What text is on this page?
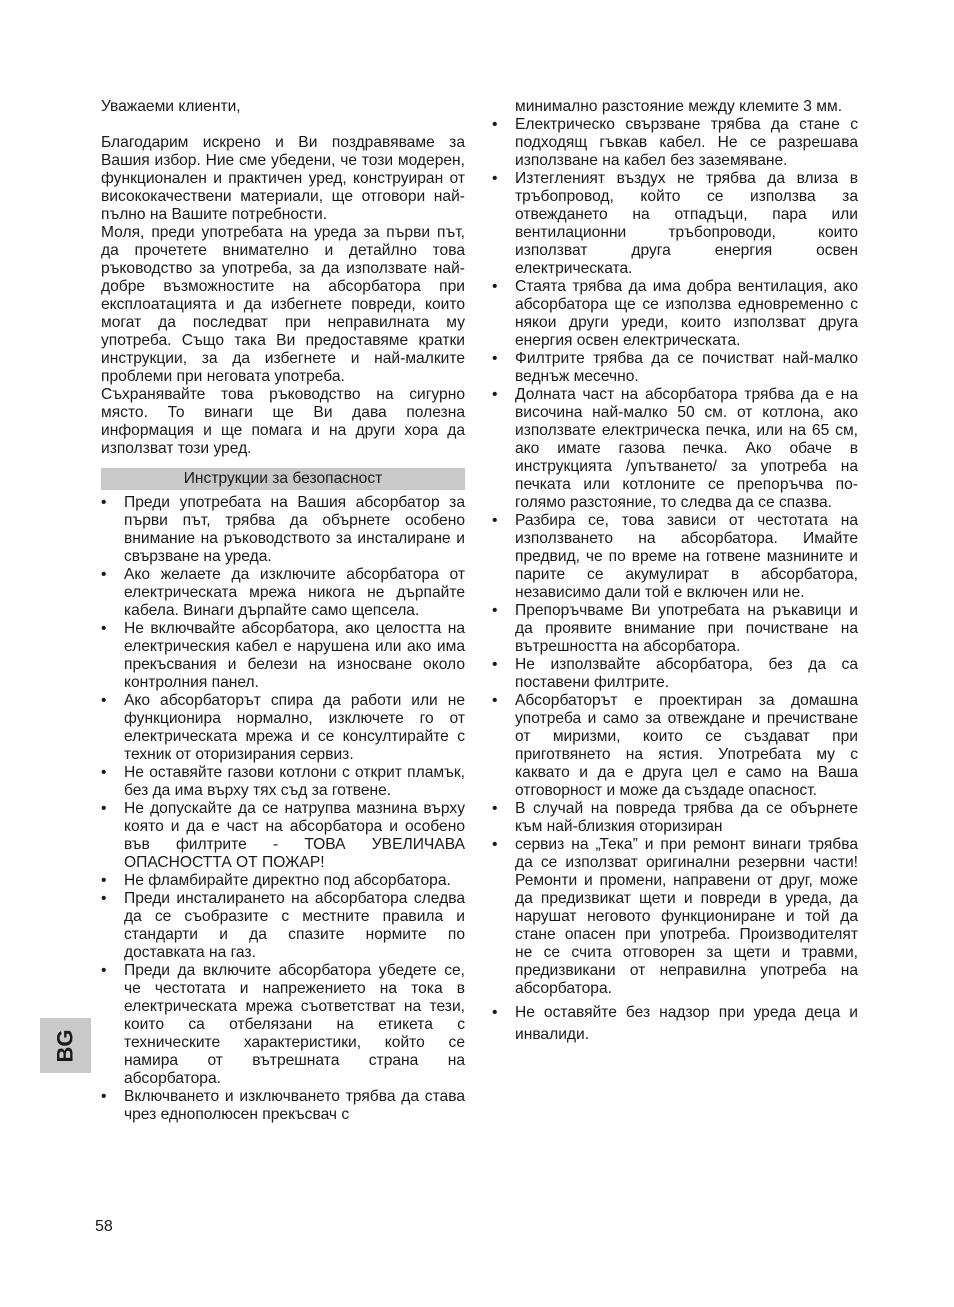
Уважаеми клиенти,

Благодарим искрено и Ви поздравяваме за Вашия избор. Ние сме убедени, че този модерен, функционален и практичен уред, конструиран от висококачествени материали, ще отговори най-пълно на Вашите потребности.

Моля, преди употребата на уреда за първи път, да прочетете внимателно и детайлно това ръководство за употреба, за да използвате най-добре възможностите на абсорбатора при експлоатацията и да избегнете повреди, които могат да последват при неправилната му употреба. Също така Ви предоставяме кратки инструкции, за да избегнете и най-малките проблеми при неговата употреба.

Съхранявайте това ръководство на сигурно място. То винаги ще Ви дава полезна информация и ще помага и на други хора да използват този уред.

Инструкции за безопасност
• Преди употребата на Вашия абсорбатор за първи път, трябва да обърнете особено внимание на ръководството за инсталиране и свързване на уреда.
• Ако желаете да изключите абсорбатора от електрическата мрежа никога не дърпайте кабела. Винаги дърпайте само щепсела.
• Не включвайте абсорбатора, ако целостта на електрическия кабел е нарушена или ако има прекъсвания и белези на износване около контролния панел.
• Ако абсорбаторът спира да работи или не функционира нормално, изключете го от електрическата мрежа и се консултирайте с техник от оторизирания сервиз.
• Не оставяйте газови котлони с открит пламък, без да има върху тях съд за готвене.
• Не допускайте да се натрупва мазнина върху която и да е част на абсорбатора и особено във филтрите - ТОВА УВЕЛИЧАВА ОПАСНОСТТА ОТ ПОЖАР!
• Не фламбирайте директно под абсорбатора.
• Преди инсталирането на абсорбатора следва да се съобразите с местните правила и стандарти и да спазите нормите по доставката на газ.
• Преди да включите абсорбатора убедете се, че честотата и напрежението на тока в електрическата мрежа съответстват на тези, които са отбелязани на етикета с техническите характеристики, който се намира от вътрешната страна на абсорбатора.
• Включването и изключването трябва да става чрез еднополюсен прекъсвач с

минимално разстояние между клемите 3 мм.

• Електрическо свързване трябва да стане с подходящ гъвкав кабел. Не се разрешава използване на кабел без заземяване.
• Изтегленият въздух не трябва да влиза в тръбопровод, който се използва за отвеждането на отпадъци, пара или вентилационни тръбопроводи, които използват друга енергия освен електрическата.
• Стаята трябва да има добра вентилация, ако абсорбатора ще се използва едновременно с някои други уреди, които използват друга енергия освен електрическата.
• Филтрите трябва да се почистват най-малко веднъж месечно.
• Долната част на абсорбатора трябва да е на височина най-малко 50 см. от котлона, ако използвате електрическа печка, или на 65 см, ако имате газова печка. Ако обаче в инструкцията /упътването/ за употреба на печката или котлоните се препоръчва по-голямо разстояние, то следва да се спазва.
• Разбира се, това зависи от честотата на използването на абсорбатора. Имайте предвид, че по време на готвене мазнините и парите се акумулират в абсорбатора, независимо дали той е включен или не.
• Препоръчваме Ви употребата на ръкавици и да проявите внимание при почистване на вътрешността на абсорбатора.
• Не използвайте абсорбатора, без да са поставени филтрите.
• Абсорбаторът е проектиран за домашна употреба и само за отвеждане и пречистване от миризми, които се създават при приготвянето на ястия. Употребата му с каквато и да е друга цел е само на Ваша отговорност и може да създаде опасност.
• В случай на повреда трябва да се обърнете към най-близкия оторизиран
• сервиз на „Тека” и при ремонт винаги трябва да се използват оригинални резервни части! Ремонти и промени, направени от друг, може да предизвикат щети и повреди в уреда, да нарушат неговото функциониране и той да стане опасен при употреба. Производителят не се счита отговорен за щети и травми, предизвикани от неправилна употреба на абсорбатора.
• Не оставяйте без надзор при уреда деца и инвалиди.
BG
58
